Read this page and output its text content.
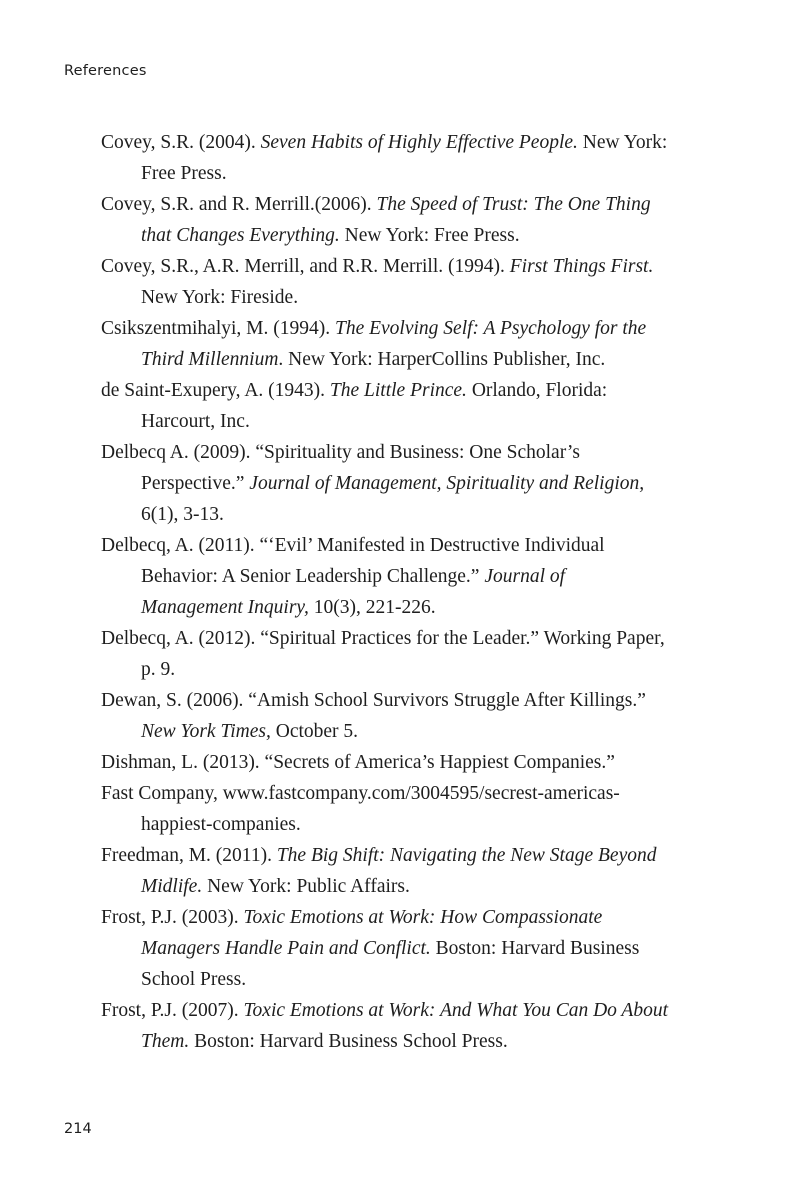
References
Covey, S.R. (2004). Seven Habits of Highly Effective People. New York: Free Press.
Covey, S.R. and R. Merrill.(2006). The Speed of Trust: The One Thing that Changes Everything. New York: Free Press.
Covey, S.R., A.R. Merrill, and R.R. Merrill. (1994). First Things First. New York: Fireside.
Csikszentmihalyi, M. (1994). The Evolving Self: A Psychology for the Third Millennium. New York: HarperCollins Publisher, Inc.
de Saint-Exupery, A. (1943). The Little Prince. Orlando, Florida: Harcourt, Inc.
Delbecq A. (2009). “Spirituality and Business: One Scholar’s Perspective.” Journal of Management, Spirituality and Religion, 6(1), 3-13.
Delbecq, A. (2011). “‘Evil’ Manifested in Destructive Individual Behavior: A Senior Leadership Challenge.” Journal of Management Inquiry, 10(3), 221-226.
Delbecq, A. (2012). “Spiritual Practices for the Leader.” Working Paper, p. 9.
Dewan, S. (2006). “Amish School Survivors Struggle After Killings.” New York Times, October 5.
Dishman, L. (2013). “Secrets of America’s Happiest Companies.”
Fast Company, www.fastcompany.com/3004595/secrest-americas-happiest-companies.
Freedman, M. (2011). The Big Shift: Navigating the New Stage Beyond Midlife. New York: Public Affairs.
Frost, P.J. (2003). Toxic Emotions at Work: How Compassionate Managers Handle Pain and Conflict. Boston: Harvard Business School Press.
Frost, P.J. (2007). Toxic Emotions at Work: And What You Can Do About Them. Boston: Harvard Business School Press.
214
